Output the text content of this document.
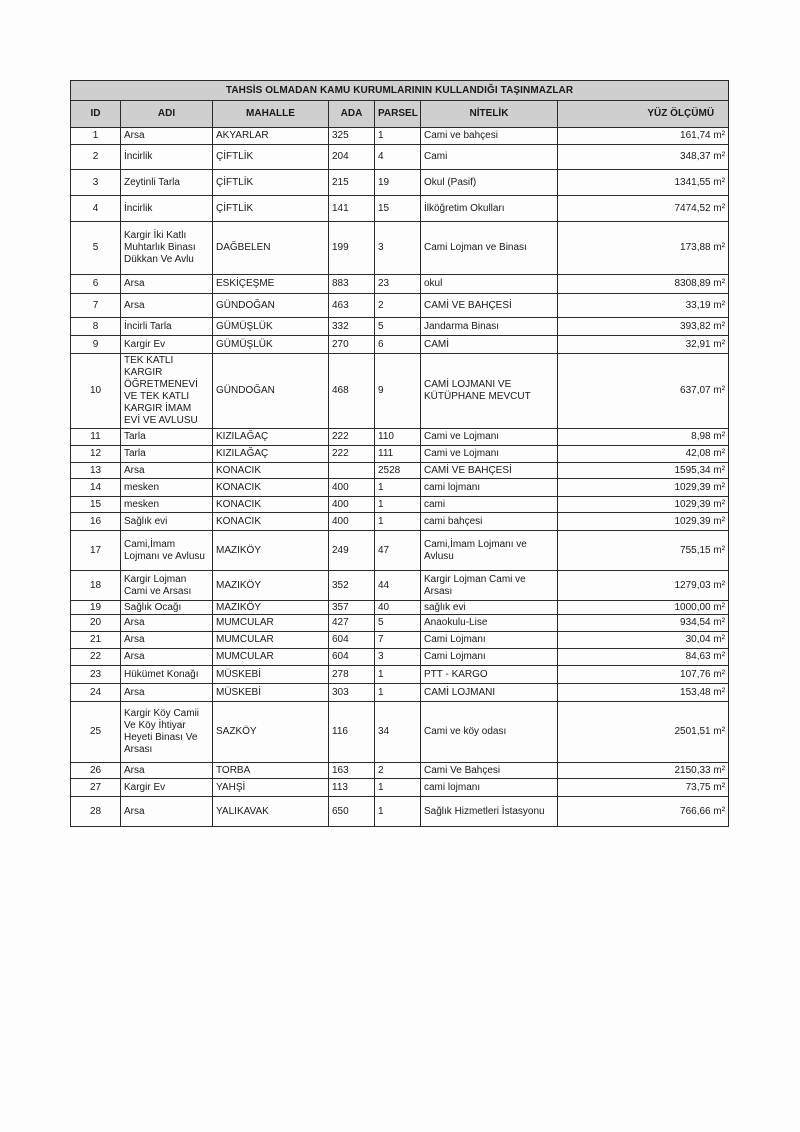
TAHSİS OLMADAN KAMU KURUMLARININ KULLANDIĞI TAŞINMAZLAR						
ID	ADI	MAHALLE	ADA	PARSEL	NİTELİK	YÜZ ÖLÇÜMÜ
1	Arsa	AKYARLAR	325	1	Cami ve bahçesi	161,74 m²
2	İncirlik	ÇİFTLİK	204	4	Cami	348,37 m²
3	Zeytinli Tarla	ÇİFTLİK	215	19	Okul (Pasif)	1341,55 m²
4	İncirlik	ÇİFTLİK	141	15	İlköğretim Okulları	7474,52 m²
5	Kargir İki Katlı Muhtarlık Binası Dükkan Ve Avlu	DAĞBELEN	199	3	Cami Lojman ve Binası	173,88 m²
6	Arsa	ESKİÇEŞME	883	23	okul	8308,89 m²
7	Arsa	GÜNDOĞAN	463	2	CAMİ VE BAHÇESİ	33,19 m²
8	İncirli Tarla	GÜMÜŞLÜK	332	5	Jandarma Binası	393,82 m²
9	Kargir Ev	GÜMÜŞLÜK	270	6	CAMİ	32,91 m²
10	TEK KATLI KARGIR ÖĞRETMENEVİ VE TEK KATLI KARGIR İMAM EVİ VE AVLUSU	GÜNDOĞAN	468	9	CAMİ LOJMANI VE KÜTÜPHANE MEVCUT	637,07 m²
11	Tarla	KIZILAĞAÇ	222	110	Cami ve Lojmanı	8,98 m²
12	Tarla	KIZILAĞAÇ	222	111	Cami ve Lojmanı	42,08 m²
13	Arsa	KONACIK		2528	CAMİ VE BAHÇESİ	1595,34 m²
14	mesken	KONACIK	400	1	cami lojmanı	1029,39 m²
15	mesken	KONACIK	400	1	cami	1029,39 m²
16	Sağlık evi	KONACIK	400	1	cami bahçesi	1029,39 m²
17	Cami,İmam Lojmanı ve Avlusu	MAZIKÖY	249	47	Cami,İmam Lojmanı ve Avlusu	755,15 m²
18	Kargir Lojman Cami ve Arsası	MAZIKÖY	352	44	Kargir Lojman Cami ve Arsası	1279,03 m²
19	Sağlık Ocağı	MAZIKÖY	357	40	sağlık evi	1000,00 m²
20	Arsa	MUMCULAR	427	5	Anaokulu-Lise	934,54 m²
21	Arsa	MUMCULAR	604	7	Cami Lojmanı	30,04 m²
22	Arsa	MUMCULAR	604	3	Cami Lojmanı	84,63 m²
23	Hükümet Konağı	MÜSKEBİ	278	1	PTT - KARGO	107,76 m²
24	Arsa	MÜSKEBİ	303	1	CAMİ LOJMANI	153,48 m²
25	Kargir Köy Camii Ve Köy İhtiyar Heyeti Binası Ve Arsası	SAZKÖY	116	34	Cami ve köy odası	2501,51 m²
26	Arsa	TORBA	163	2	Cami Ve Bahçesi	2150,33 m²
27	Kargir Ev	YAHŞİ	113	1	cami lojmanı	73,75 m²
28	Arsa	YALIKAVAK	650	1	Sağlık Hizmetleri İstasyonu	766,66 m²
